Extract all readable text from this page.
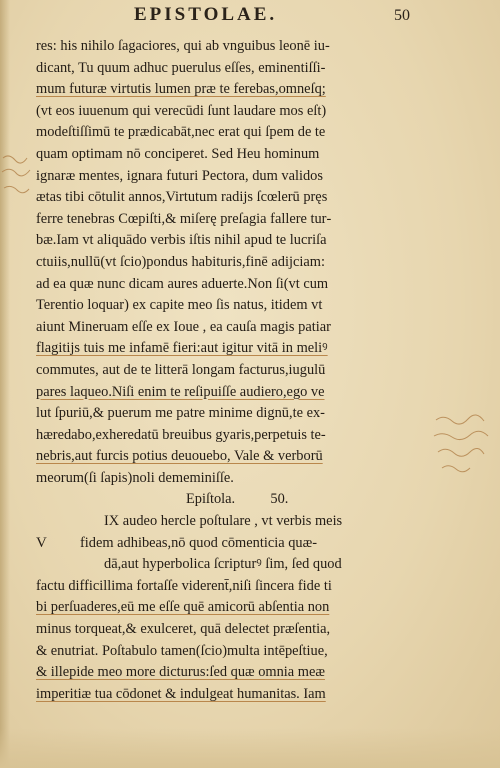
EPISTOLAE.	50
res: his nihilo ſagaciores, qui ab vnguibus leonē iu‐
dicant, Tu quum adhuc puerulus eſſes, eminentiſſi‐
mum futuræ virtutis lumen præ te ferebas,omneſq;
(vt eos iuuenum qui verecūdi ſunt laudare mos eſt)
modeſtiſſimū te prædicabāt,nec erat qui ſpem de te
quam optimam nō conciperet. Sed Heu hominum
ignaræ mentes, ignara futuri Pectora, dum validos
ætas tibi cōtulit annos,Virtutum radijs ſcœlerū pręs
ferre tenebras Cœpiſti,& miſerę preſagia fallere tur‐
bæ.Iam vt aliquādo verbis iſtis nihil apud te lucriſa
ctuiis,nullū(vt ſcio)pondus habituris,finē adijciam:
ad ea quæ nunc dicam aures aduerte.Non ſi(vt cum
Terentio loquar) ex capite meo ſis natus, itidem vt
aiunt Mineruam eſſe ex Ioue , ea cauſa magis patiar
flagitijs tuis me infamē fieri:aut igitur vitā in meliꝰ
commutes, aut de te litterā longam facturus,iugulū
pares laqueo.Niſi enim te reſipuiſſe audiero,ego ve
lut ſpuriū,& puerum me patre minime dignū,te ex‐
hæredabo,exheredatū breuibus gyaris,perpetuis te‐
nebris,aut furcis potius deuouebo, Vale & verborū
meorum(ſi ſapis)noli dememiniſſe.
Epiſtola. 50.
IX audeo hercle poſtulare , vt verbis meis
V fidem adhibeas,nō quod cōmenticia quæ‐
dā,aut hyperbolica ſcripturꝰ ſim, ſed quod
factu difficillima fortaſſe viderent̄,niſi ſincera fide ti
bi perſuaderes,eū me eſſe quē amicorū abſentia non
minus torqueat,& exulceret, quā delectet præſentia,
& enutriat. Poſtabulo tamen(ſcio)multa intēpeſtiue,
& illepide meo more dicturus:ſed quæ omnia meæ
imperitiæ tua cōdonet & indulgeat humanitas. Iam
